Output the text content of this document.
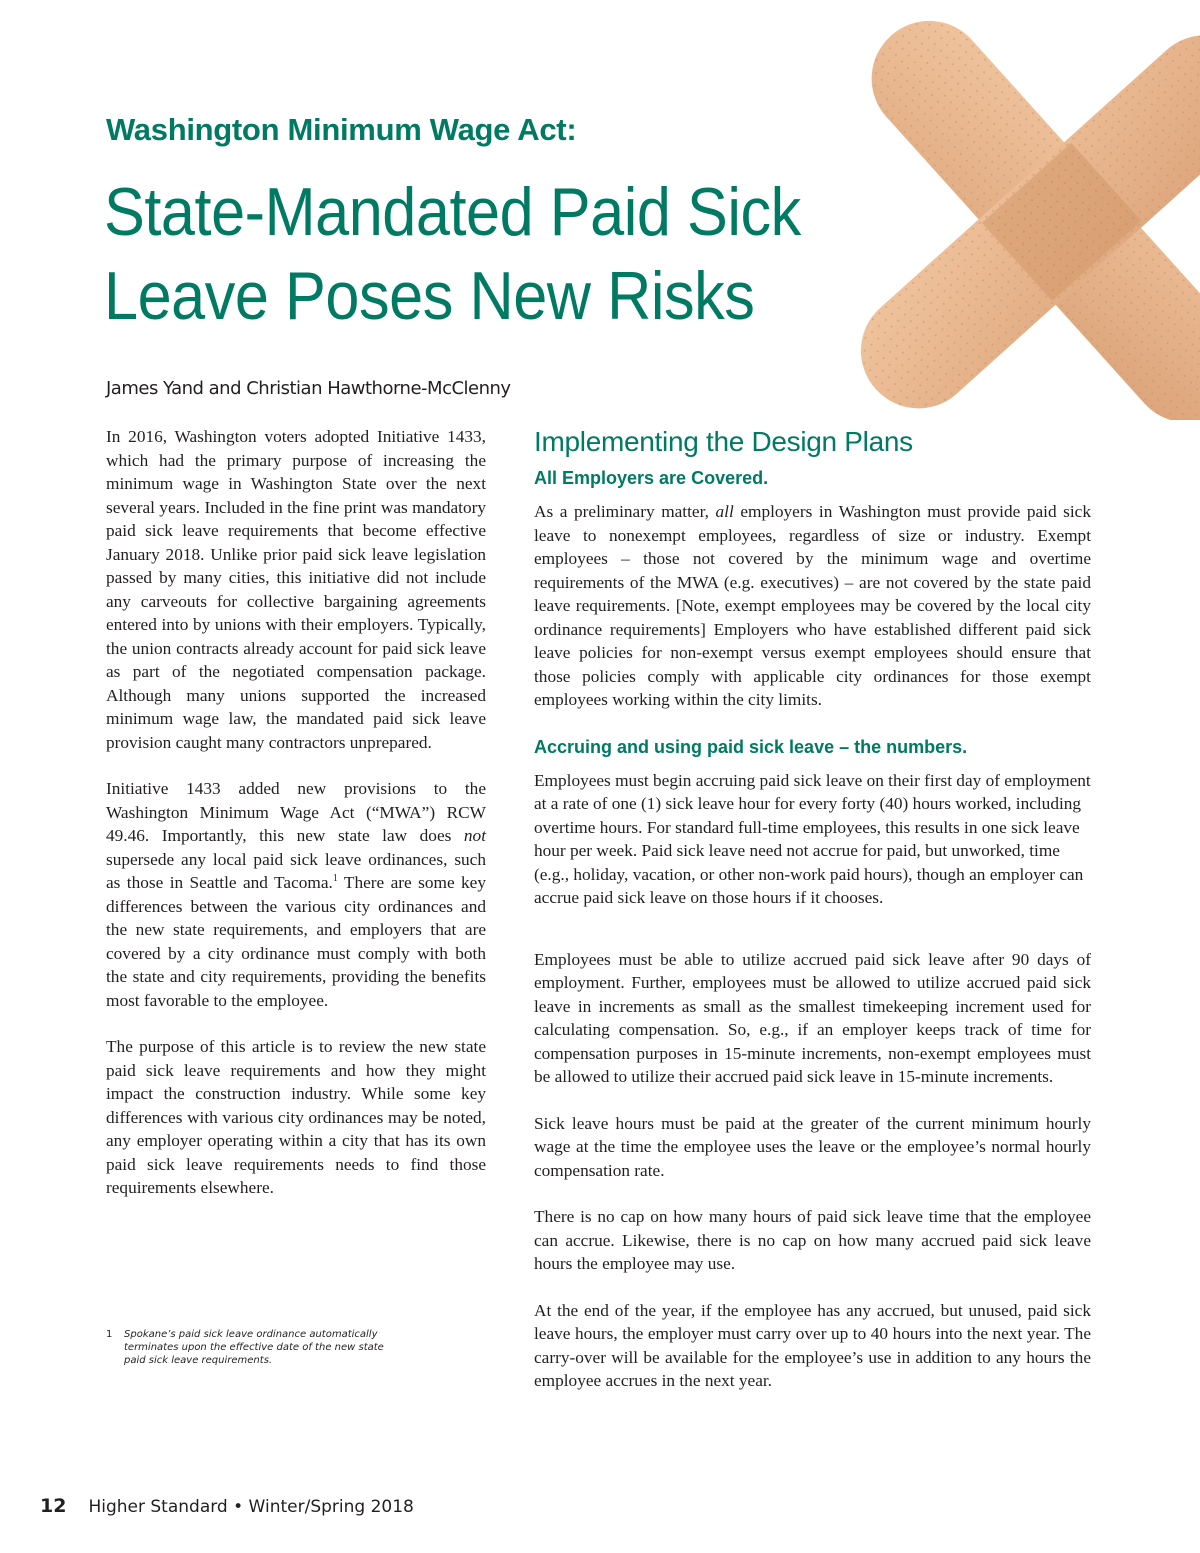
Washington Minimum Wage Act:
State-Mandated Paid Sick
Leave Poses New Risks
James Yand and Christian Hawthorne-McClenny

In 2016, Washington voters adopted Initiative 1433, which had the primary purpose of increasing the minimum wage in Washington State over the next several years. Included in the fine print was mandatory paid sick leave requirements that become effective January 2018. Unlike prior paid sick leave legislation passed by many cities, this initiative did not include any carveouts for collective bargaining agreements entered into by unions with their employers. Typically, the union contracts already account for paid sick leave as part of the negotiated compensation package. Although many unions supported the increased minimum wage law, the mandated paid sick leave provision caught many contractors unprepared.

Initiative 1433 added new provisions to the Washington Minimum Wage Act (“MWA”) RCW 49.46. Importantly, this new state law does not supersede any local paid sick leave ordinances, such as those in Seattle and Tacoma.$^1$ There are some key differences between the various city ordinances and the new state requirements, and employers that are covered by a city ordinance must comply with both the state and city requirements, providing the benefits most favorable to the employee.

The purpose of this article is to review the new state paid sick leave requirements and how they might impact the construction industry. While some key differences with various city ordinances may be noted, any employer operating within a city that has its own paid sick leave requirements needs to find those requirements elsewhere.

1	Spokane’s paid sick leave ordinance automatically terminates upon the effective date of the new state paid sick leave requirements.
Implementing the Design Plans
All Employers are Covered.

As a preliminary matter, all employers in Washington must provide paid sick leave to nonexempt employees, regardless of size or industry. Exempt employees – those not covered by the minimum wage and overtime requirements of the MWA (e.g. executives) – are not covered by the state paid leave requirements. [Note, exempt employees may be covered by the local city ordinance requirements] Employers who have established different paid sick leave policies for non-exempt versus exempt employees should ensure that those policies comply with applicable city ordinances for those exempt employees working within the city limits.

Accruing and using paid sick leave – the numbers.

Employees must begin accruing paid sick leave on their first day of employment at a rate of one (1) sick leave hour for every forty (40) hours worked, including overtime hours. For standard full-time employees, this results in one sick leave hour per week. Paid sick leave need not accrue for paid, but unworked, time (e.g., holiday, vacation, or other non-work paid hours), though an employer can accrue paid sick leave on those hours if it chooses.

Employees must be able to utilize accrued paid sick leave after 90 days of employment. Further, employees must be allowed to utilize accrued paid sick leave in increments as small as the smallest timekeeping increment used for calculating compensation. So, e.g., if an employer keeps track of time for compensation purposes in 15-minute increments, non-exempt employees must be allowed to utilize their accrued paid sick leave in 15-minute increments.

Sick leave hours must be paid at the greater of the current minimum hourly wage at the time the employee uses the leave or the employee’s normal hourly compensation rate.

There is no cap on how many hours of paid sick leave time that the employee can accrue. Likewise, there is no cap on how many accrued paid sick leave hours the employee may use.

At the end of the year, if the employee has any accrued, but unused, paid sick leave hours, the employer must carry over up to 40 hours into the next year. The carry-over will be available for the employee’s use in addition to any hours the employee accrues in the next year.

12 Higher Standard • Winter/Spring 2018
